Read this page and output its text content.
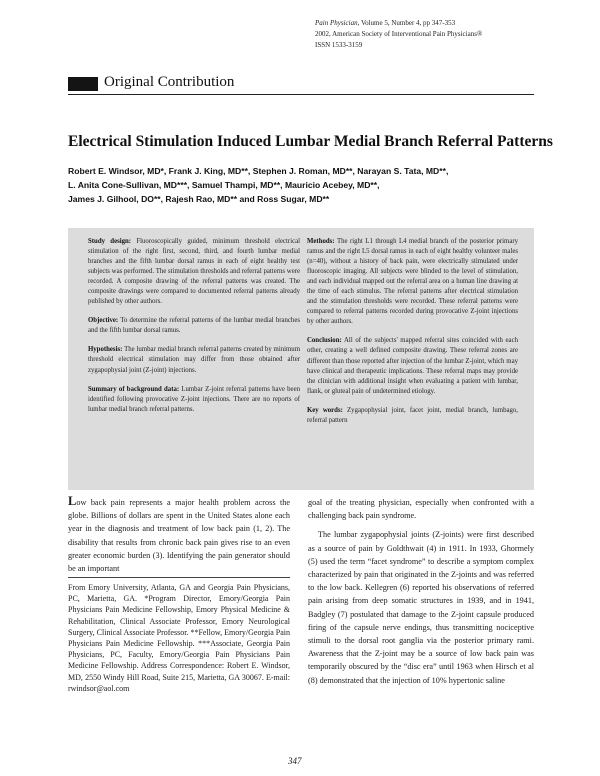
Pain Physician, Volume 5, Number 4, pp 347-353
2002, American Society of Interventional Pain Physicians®
ISSN 1533-3159
Original Contribution
Electrical Stimulation Induced Lumbar Medial Branch Referral Patterns
Robert E. Windsor, MD*, Frank J. King, MD**, Stephen J. Roman, MD**, Narayan S. Tata, MD**,
L. Anita Cone-Sullivan, MD***, Samuel Thampi, MD**, Mauricio Acebey, MD**,
James J. Gilhool, DO**, Rajesh Rao, MD** and Ross Sugar, MD**

Study design: Fluoroscopically guided, minimum threshold electrical stimulation of the right first, second, third, and fourth lumbar medial branches and the fifth lumbar dorsal ramus in each of eight healthy test subjects was performed. The stimulation thresholds and referral patterns were recorded. A composite drawing of the referral patterns was created. The composite drawings were compared to documented referral patterns already published by other authors.

Objective: To determine the referral patterns of the lumbar medial branches and the fifth lumbar dorsal ramus.

Hypothesis: The lumbar medial branch referral patterns created by minimum threshold electrical stimulation may differ from those obtained after zygapophysial joint (Z-joint) injections.

Summary of background data: Lumbar Z-joint referral patterns have been identified following provocative Z-joint injections. There are no reports of lumbar medial branch referral patterns.

Methods: The right L1 through L4 medial branch of the posterior primary ramus and the right L5 dorsal ramus in each of eight healthy volunteer males (n=40), without a history of back pain, were electrically stimulated under fluoroscopic imaging. All subjects were blinded to the level of stimulation, and each individual mapped out the referral area on a human line drawing at the time of each stimulus. The referral patterns after electrical stimulation and the stimulation thresholds were recorded. These referral patterns were compared to referral patterns recorded during provocative Z-joint injections by other authors.

Conclusion: All of the subjects' mapped referral sites coincided with each other, creating a well defined composite drawing. These referral zones are different than those reported after injection of the lumbar Z-joint, which may have clinical and therapeutic implications. These referral maps may provide the clinician with additional insight when evaluating a patient with lumbar, flank, or gluteal pain of undetermined etiology.

Key words: Zygapophysial joint, facet joint, medial branch, lumbago, referral pattern

Low back pain represents a major health problem across the globe. Billions of dollars are spent in the United States alone each year in the diagnosis and treatment of low back pain (1, 2). The disability that results from chronic back pain gives rise to an even greater economic burden (3). Identifying the pain generator should be an important

From Emory University, Atlanta, GA and Georgia Pain Physicians, PC, Marietta, GA. *Program Director, Emory/Georgia Pain Physicians Pain Medicine Fellowship, Emory Physical Medicine & Rehabilitation, Clinical Associate Professor, Emory Neurological Surgery, Clinical Associate Professor. **Fellow, Emory/Georgia Pain Physicians Pain Medicine Fellowship. ***Associate, Georgia Pain Physicians, PC, Faculty, Emory/Georgia Pain Physicians Pain Medicine Fellowship. Address Correspondence: Robert E. Windsor, MD, 2550 Windy Hill Road, Suite 215, Marietta, GA 30067. E-mail: rwindsor@aol.com

goal of the treating physician, especially when confronted with a challenging back pain syndrome.

The lumbar zygapophysial joints (Z-joints) were first described as a source of pain by Goldthwait (4) in 1911. In 1933, Ghormely (5) used the term “facet syndrome” to describe a symptom complex characterized by pain that originated in the Z-joints and was referred to the low back. Kellegren (6) reported his observations of referred pain arising from deep somatic structures in 1939, and in 1941, Badgley (7) postulated that damage to the Z-joint capsule produced firing of the capsule nerve endings, thus transmitting nociceptive stimuli to the dorsal root ganglia via the posterior primary rami. Awareness that the Z-joint may be a source of low back pain was temporarily obscured by the “disc era” until 1963 when Hirsch et al (8) demonstrated that the injection of 10% hypertonic saline

347
